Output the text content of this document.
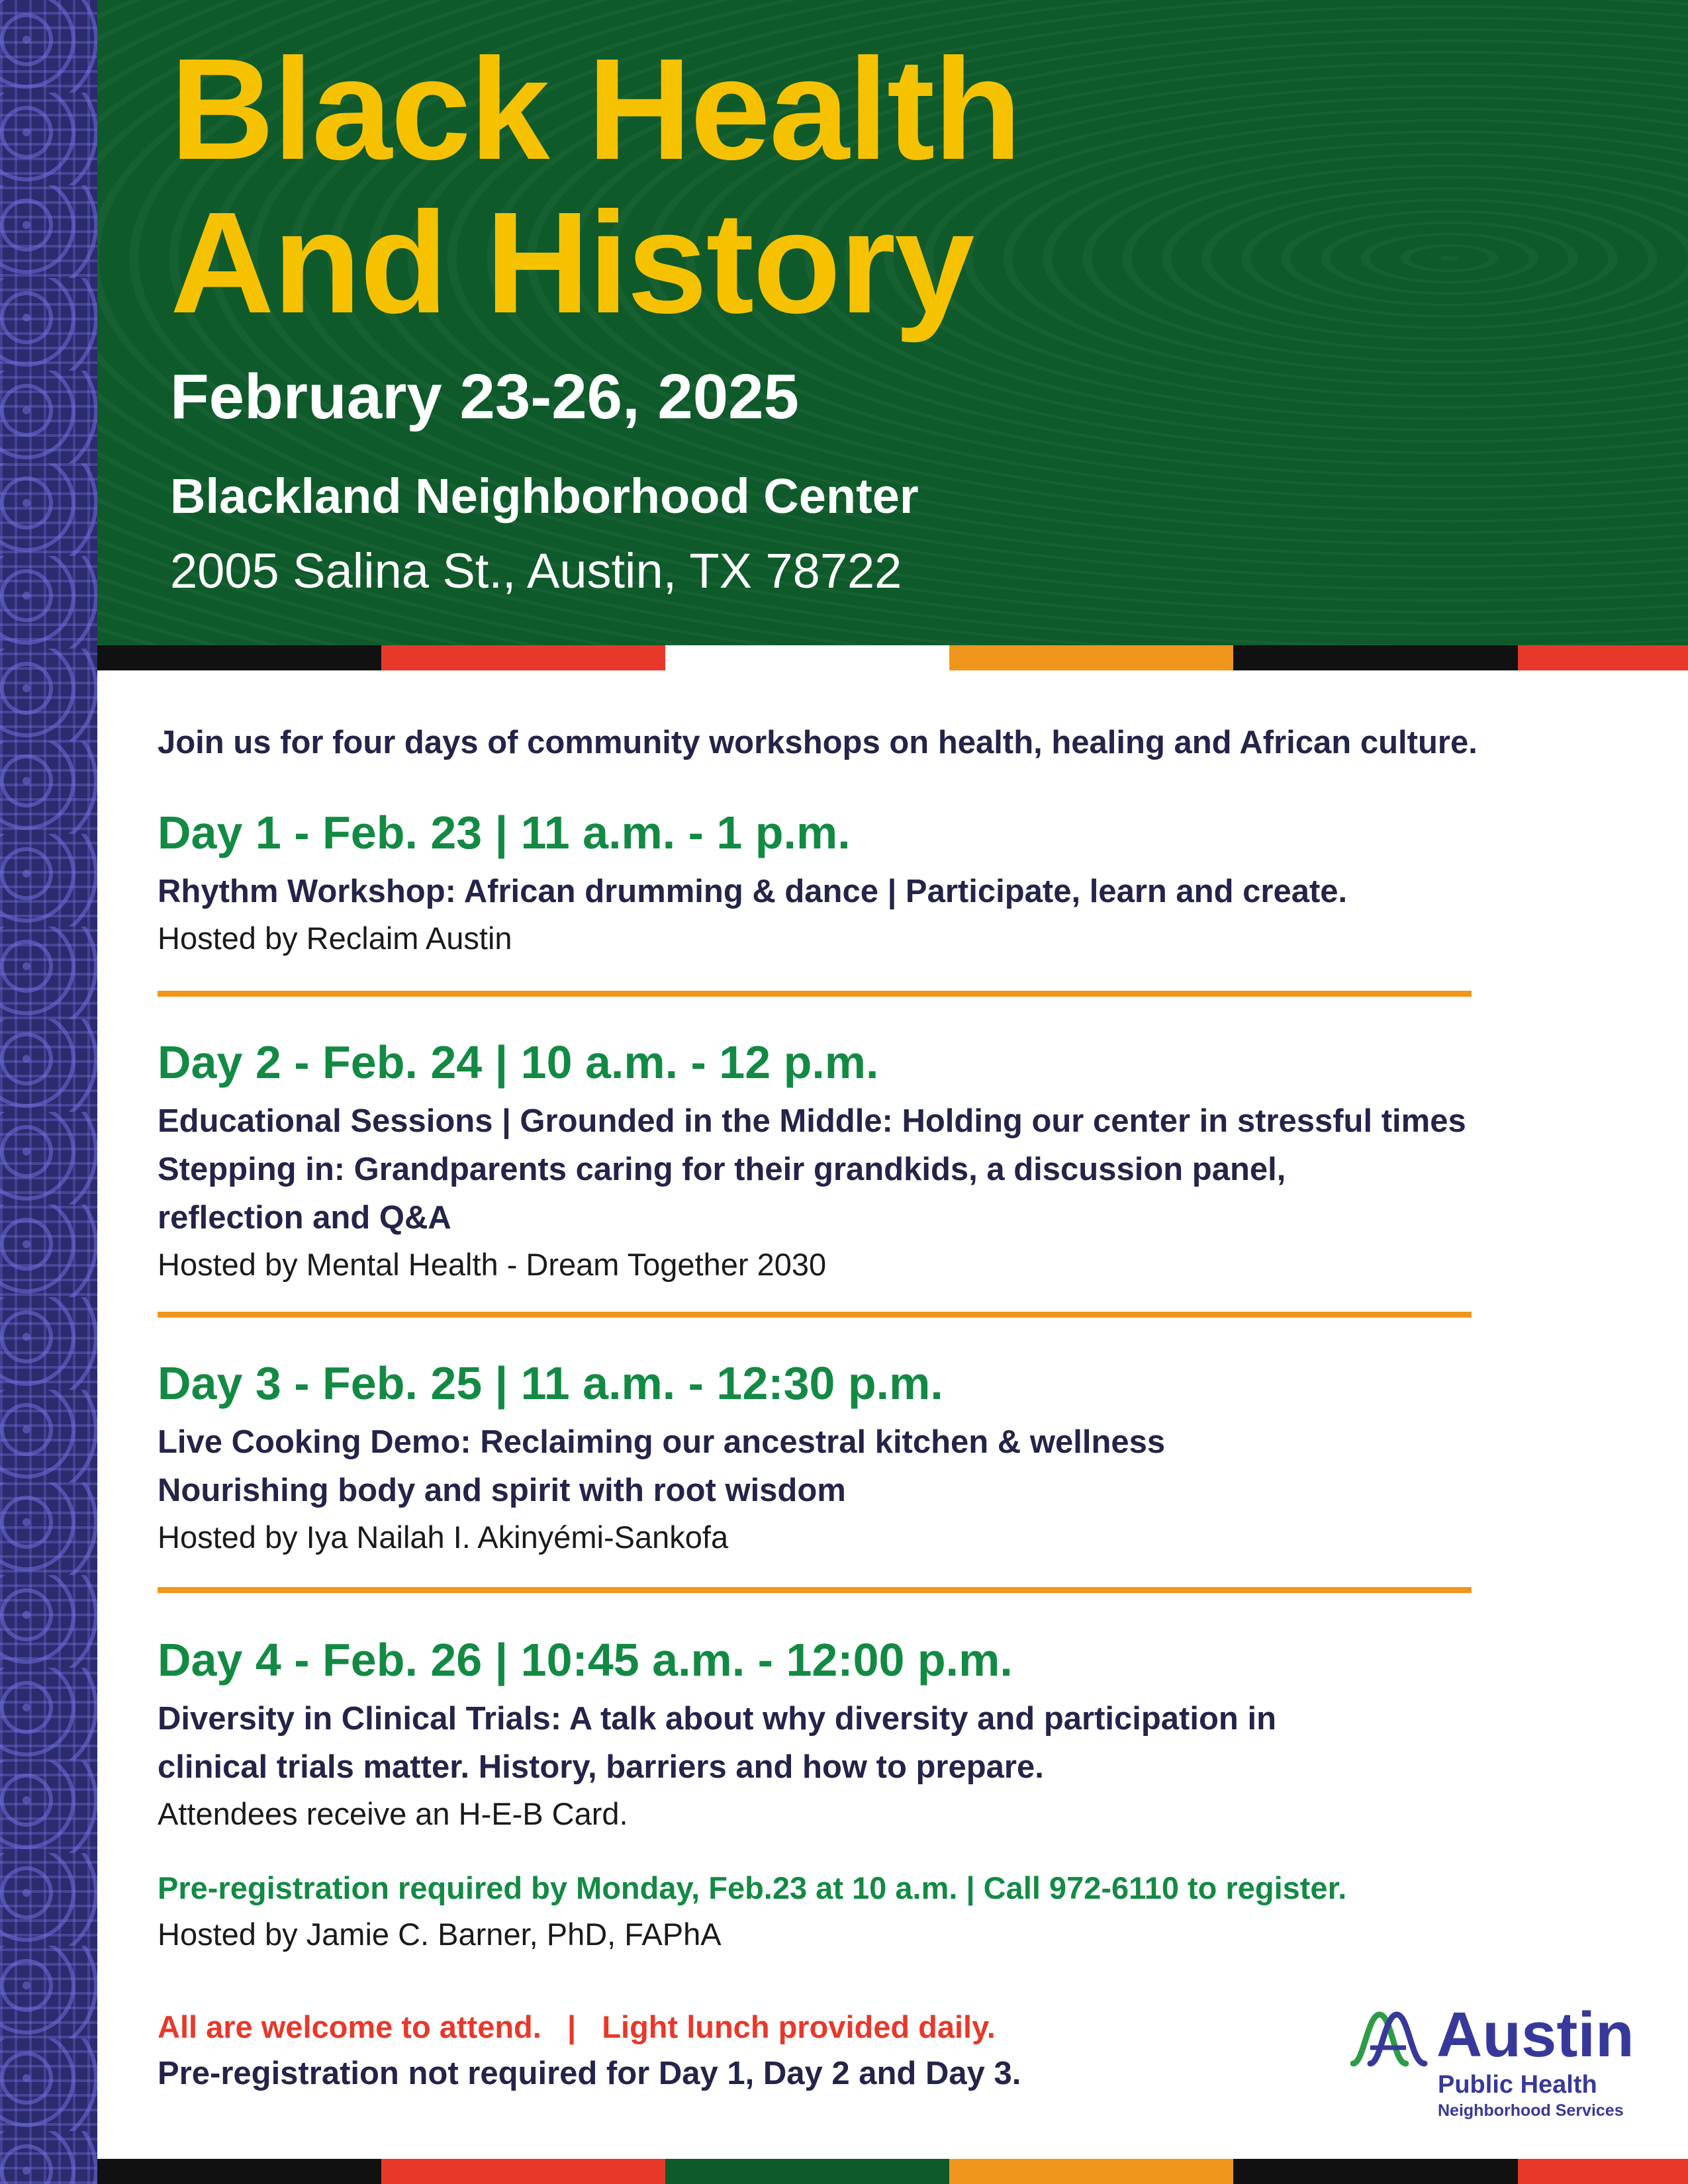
Black Health
And History

February 23-26, 2025

Blackland Neighborhood Center

2005 Salina St., Austin, TX 78722

Join us for four days of community workshops on health, healing and African culture.

Day 1 - Feb. 23 | 11 a.m. - 1 p.m.

Rhythm Workshop: African drumming & dance | Participate, learn and create.

Hosted by Reclaim Austin

Day 2 - Feb. 24 | 10 a.m. - 12 p.m.

Educational Sessions | Grounded in the Middle: Holding our center in stressful times

Stepping in: Grandparents caring for their grandkids, a discussion panel,

reflection and Q&A

Hosted by Mental Health - Dream Together 2030

Day 3 - Feb. 25 | 11 a.m. - 12:30 p.m.

Live Cooking Demo: Reclaiming our ancestral kitchen & wellness

Nourishing body and spirit with root wisdom

Hosted by Iya Nailah I. Akinyémi-Sankofa

Day 4 - Feb. 26 | 10:45 a.m. - 12:00 p.m.

Diversity in Clinical Trials: A talk about why diversity and participation in

clinical trials matter. History, barriers and how to prepare.

Attendees receive an H-E-B Card.

Pre-registration required by Monday, Feb.23 at 10 a.m. | Call 972-6110 to register.

Hosted by Jamie C. Barner, PhD, FAPhA

All are welcome to attend.   |   Light lunch provided daily.

Pre-registration not required for Day 1, Day 2 and Day 3.

Austin

Public Health

Neighborhood Services
